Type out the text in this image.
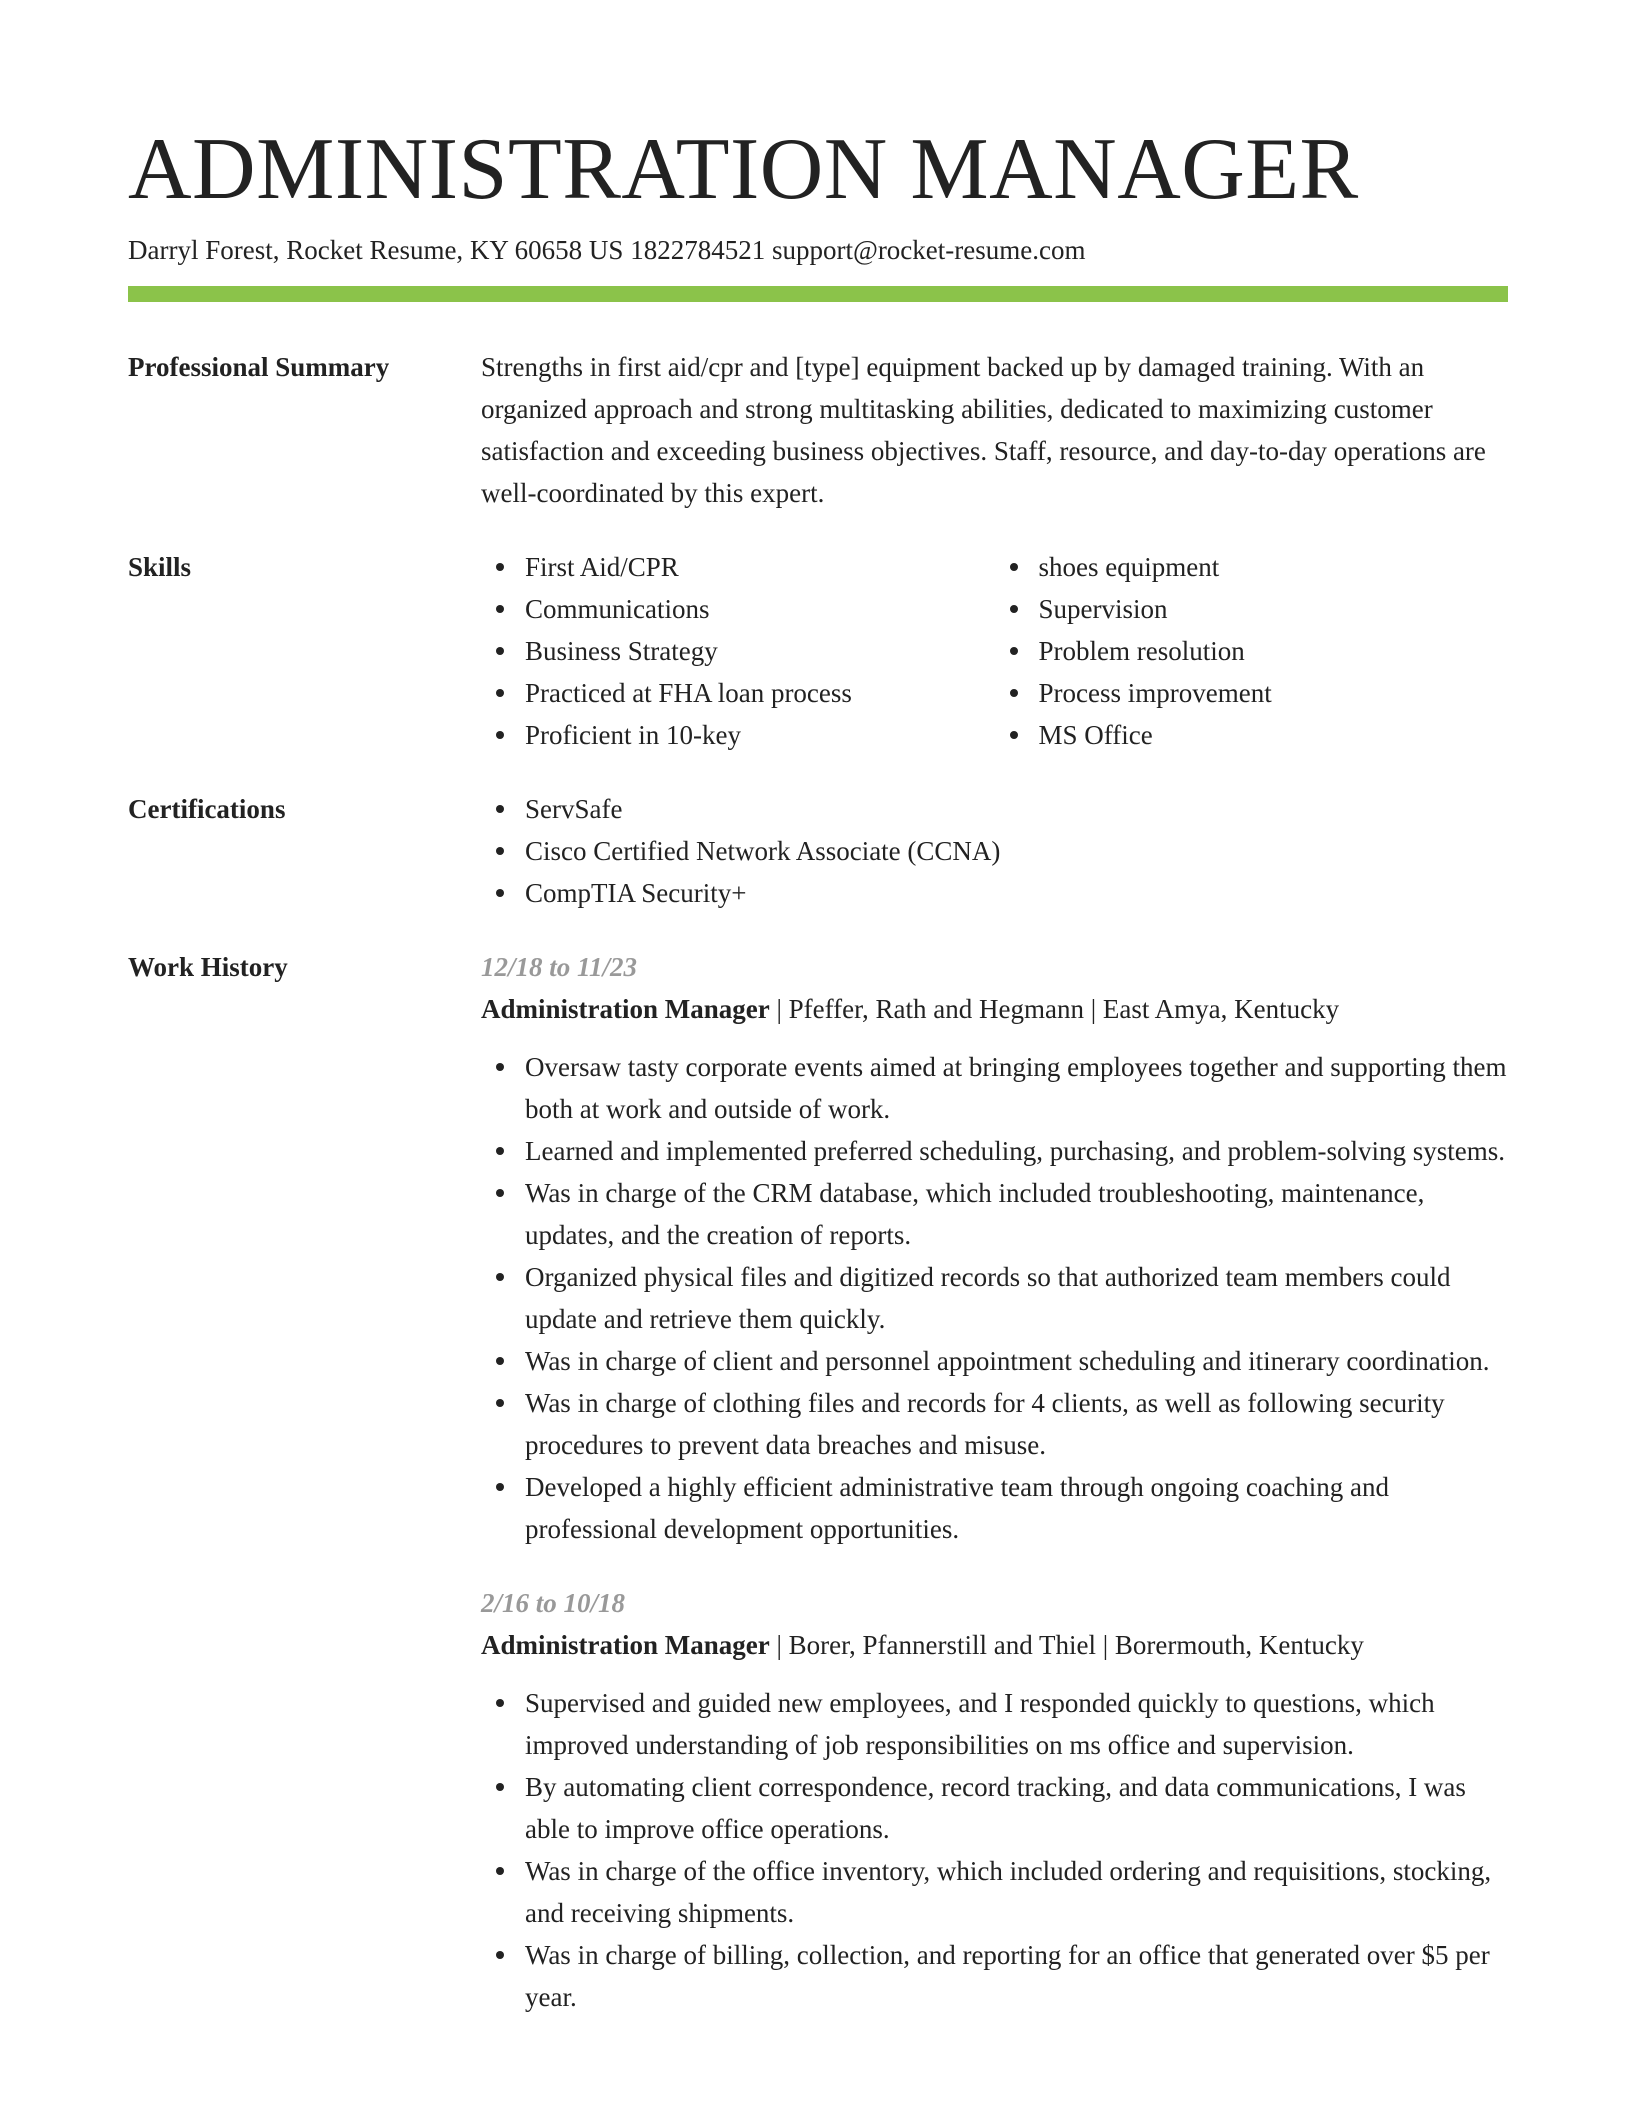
ADMINISTRATION MANAGER
Darryl Forest, Rocket Resume, KY 60658 US 1822784521 support@rocket-resume.com
Professional Summary	Strengths in first aid/cpr and [type] equipment backed up by damaged training. With an organized approach and strong multitasking abilities, dedicated to maximizing customer satisfaction and exceeding business objectives. Staff, resource, and day-to-day operations are well-coordinated by this expert.

Skills	First Aid/CPR
Communications
Business Strategy
Practiced at FHA loan process
Proficient in 10-key
shoes equipment
Supervision
Problem resolution
Process improvement
MS Office
Certifications	ServSafe
Cisco Certified Network Associate (CCNA)
CompTIA Security+
Work History	12/18 to 11/23
Administration Manager | Pfeffer, Rath and Hegmann | East Amya, Kentucky
Oversaw tasty corporate events aimed at bringing employees together and supporting them both at work and outside of work.
Learned and implemented preferred scheduling, purchasing, and problem-solving systems.
Was in charge of the CRM database, which included troubleshooting, maintenance, updates, and the creation of reports.
Organized physical files and digitized records so that authorized team members could update and retrieve them quickly.
Was in charge of client and personnel appointment scheduling and itinerary coordination.
Was in charge of clothing files and records for 4 clients, as well as following security procedures to prevent data breaches and misuse.
Developed a highly efficient administrative team through ongoing coaching and professional development opportunities.
2/16 to 10/18
Administration Manager | Borer, Pfannerstill and Thiel | Borermouth, Kentucky
Supervised and guided new employees, and I responded quickly to questions, which improved understanding of job responsibilities on ms office and supervision.
By automating client correspondence, record tracking, and data communications, I was able to improve office operations.
Was in charge of the office inventory, which included ordering and requisitions, stocking, and receiving shipments.
Was in charge of billing, collection, and reporting for an office that generated over $5 per year.
